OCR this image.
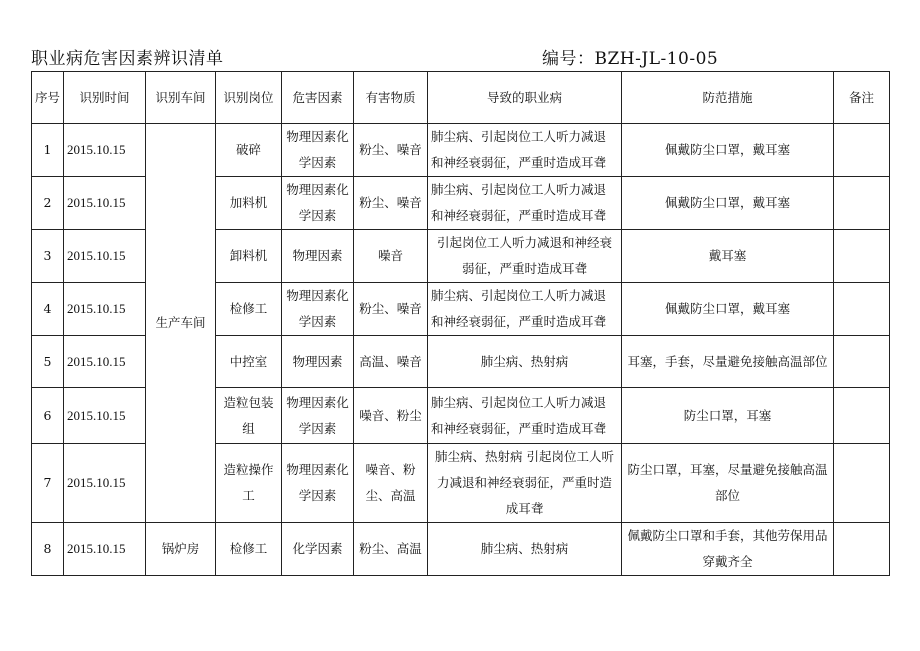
职业病危害因素辨识清单	编号：BZH-JL-10-05
序号	识别时间	识别车间	识别岗位	危害因素	有害物质	导致的职业病	防范措施	备注
1	2015.10.15	生产车间	破碎	物理因素化学因素	粉尘、噪音	肺尘病、引起岗位工人听力减退和神经衰弱征，严重时造成耳聋	佩戴防尘口罩，戴耳塞	
2	2015.10.15		加料机	物理因素化学因素	粉尘、噪音	肺尘病、引起岗位工人听力减退和神经衰弱征，严重时造成耳聋	佩戴防尘口罩，戴耳塞	
3	2015.10.15		卸料机	物理因素	噪音	引起岗位工人听力减退和神经衰弱征，严重时造成耳聋	戴耳塞	
4	2015.10.15		检修工	物理因素化学因素	粉尘、噪音	肺尘病、引起岗位工人听力减退和神经衰弱征，严重时造成耳聋	佩戴防尘口罩，戴耳塞	
5	2015.10.15		中控室	物理因素	高温、噪音	肺尘病、热射病	耳塞，手套，尽量避免接触高温部位	
6	2015.10.15		造粒包装组	物理因素化学因素	噪音、粉尘	肺尘病、引起岗位工人听力减退和神经衰弱征，严重时造成耳聋	防尘口罩，耳塞	
7	2015.10.15		造粒操作工	物理因素化学因素	噪音、粉尘、高温	肺尘病、热射病 引起岗位工人听力减退和神经衰弱征，严重时造成耳聋	防尘口罩，耳塞，尽量避免接触高温部位	
8	2015.10.15	锅炉房	检修工	化学因素	粉尘、高温	肺尘病、热射病	佩戴防尘口罩和手套，其他劳保用品穿戴齐全	
